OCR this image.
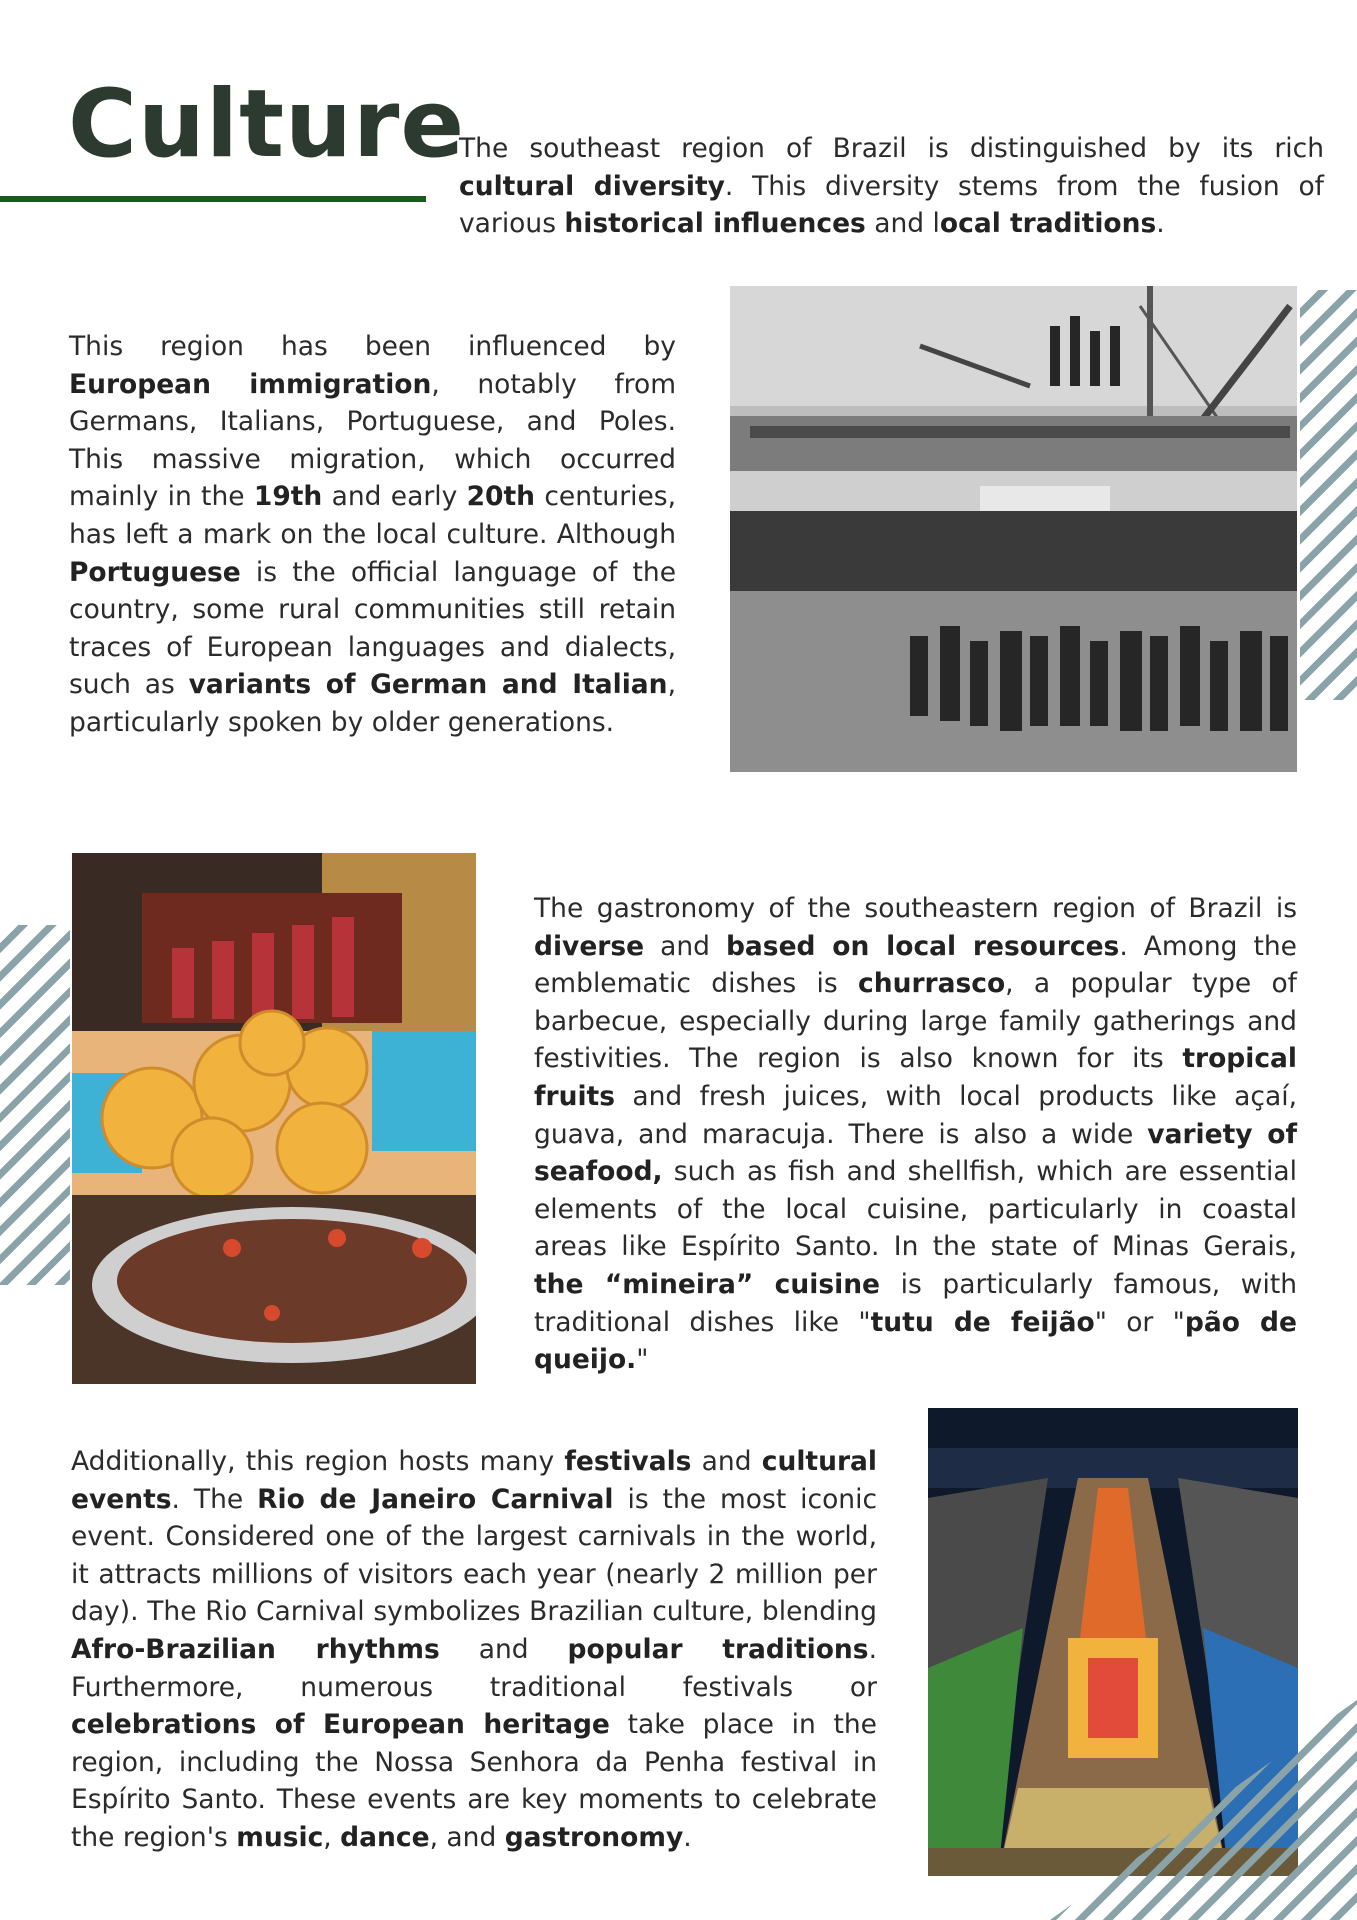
Culture

The southeast region of Brazil is distinguished by its rich cultural diversity. This diversity stems from the fusion of various historical influences and local traditions.

This region has been influenced by European immigration, notably from Germans, Italians, Portuguese, and Poles. This massive migration, which occurred mainly in the 19th and early 20th centuries, has left a mark on the local culture. Although Portuguese is the official language of the country, some rural communities still retain traces of European languages and dialects, such as variants of German and Italian, particularly spoken by older generations.

The gastronomy of the southeastern region of Brazil is diverse and based on local resources. Among the emblematic dishes is churrasco, a popular type of barbecue, especially during large family gatherings and festivities. The region is also known for its tropical fruits and fresh juices, with local products like açaí, guava, and maracuja. There is also a wide variety of seafood, such as fish and shellfish, which are essential elements of the local cuisine, particularly in coastal areas like Espírito Santo. In the state of Minas Gerais, the “mineira” cuisine is particularly famous, with traditional dishes like "tutu de feijão" or "pão de queijo."

Additionally, this region hosts many festivals and cultural events. The Rio de Janeiro Carnival is the most iconic event. Considered one of the largest carnivals in the world, it attracts millions of visitors each year (nearly 2 million per day). The Rio Carnival symbolizes Brazilian culture, blending Afro-Brazilian rhythms and popular traditions. Furthermore, numerous traditional festivals or celebrations of European heritage take place in the region, including the Nossa Senhora da Penha festival in Espírito Santo. These events are key moments to celebrate the region's music, dance, and gastronomy.
